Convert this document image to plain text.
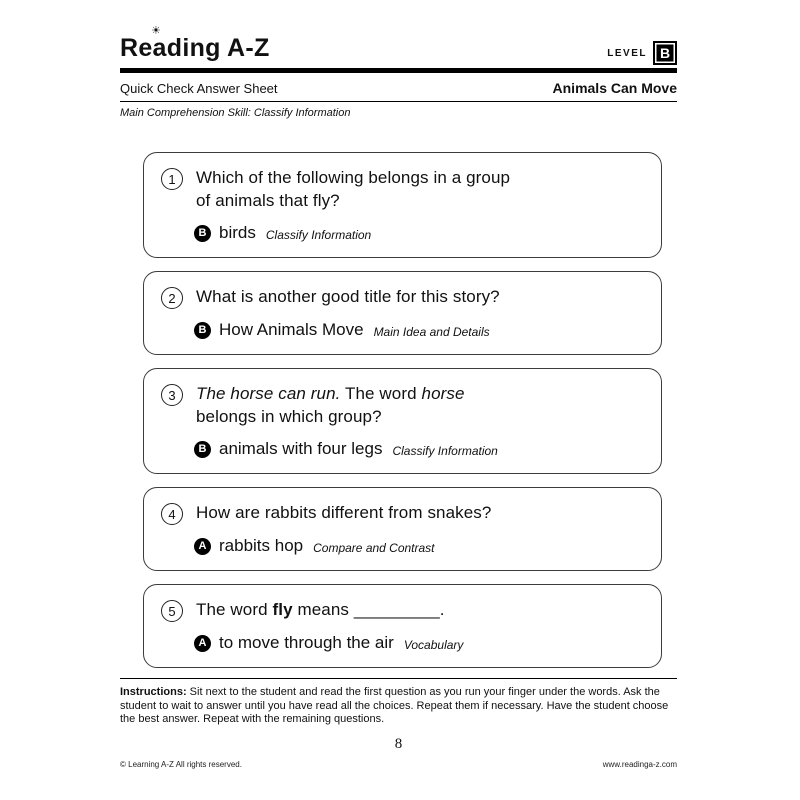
☀
Reading A-Z	LEVEL B
Quick Check Answer Sheet	Animals Can Move
Main Comprehension Skill: Classify Information
1	Which of the following belongs in a group
of animals that fly?
B birds Classify Information
2	What is another good title for this story?
B How Animals Move Main Idea and Details
3	The horse can run. The word horse
belongs in which group?
B animals with four legs Classify Information
4	How are rabbits different from snakes?
A rabbits hop Compare and Contrast
5	The word fly means _________.
A to move through the air Vocabulary
Instructions: Sit next to the student and read the first question as you run your finger under the words. Ask the student to wait to answer until you have read all the choices. Repeat them if necessary. Have the student choose the best answer. Repeat with the remaining questions.
8
© Learning A-Z All rights reserved.	www.readinga-z.com
